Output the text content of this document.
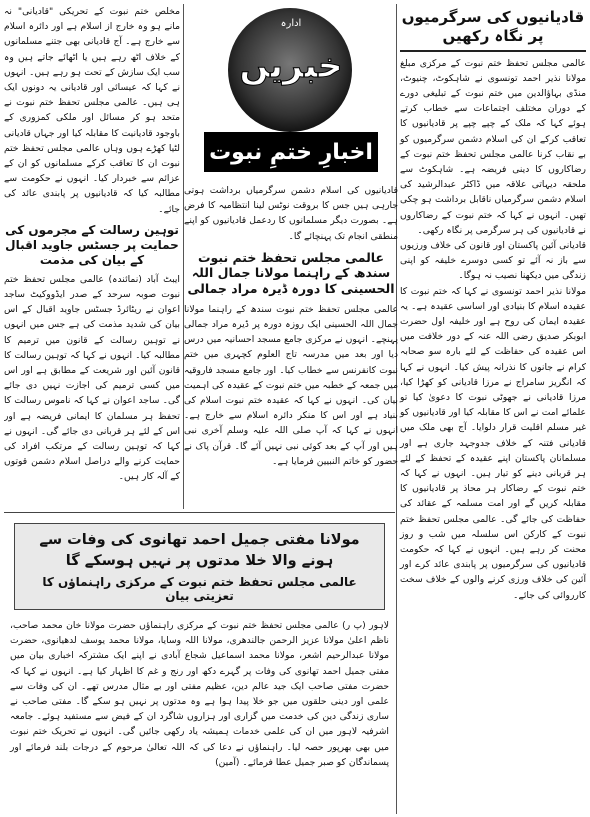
قادیانیوں کی سرگرمیوں پر نگاہ رکھیں

عالمی مجلس تحفظ ختم نبوت کے مرکزی مبلغ مولانا نذیر احمد تونسوی نے شاہکوٹ، چنیوٹ، منڈی بہاؤالدین میں ختم نبوت کے تبلیغی دورے کے دوران مختلف اجتماعات سے خطاب کرتے ہوئے کہا کہ ملک کے چپے چپے پر قادیانیوں کا تعاقب کرکے ان کی اسلام دشمن سرگرمیوں کو بے نقاب کرنا عالمی مجلس تحفظ ختم نبوت کے رضاکاروں کا دینی فریضہ ہے۔ شاہکوٹ سے ملحقہ دیہاتی علاقہ میں ڈاکٹر عبدالرشید کی اسلام دشمن سرگرمیاں ناقابل برداشت ہو چکی تھیں۔ انہوں نے کہا کہ ختم نبوت کے رضاکاروں نے قادیانیوں کی ہر سرگرمی پر نگاہ رکھی۔

قادیانی آئین پاکستان اور قانون کی خلاف ورزیوں سے باز نہ آئے تو کسی دوسرے خلیفہ کو اپنی زندگی میں دیکھنا نصیب نہ ہوگا۔

مولانا نذیر احمد تونسوی نے کہا کہ ختم نبوت کا عقیدہ اسلام کا بنیادی اور اساسی عقیدہ ہے۔ یہ عقیدہ ایمان کی روح ہے اور خلیفہ اول حضرت ابوبکر صدیق رضی اللہ عنہ کے دور خلافت میں اس عقیدہ کی حفاظت کے لئے بارہ سو صحابہ کرام نے جانوں کا نذرانہ پیش کیا۔ انہوں نے کہا کہ انگریز سامراج نے مرزا قادیانی کو کھڑا کیا، مرزا قادیانی نے جھوٹی نبوت کا دعویٰ کیا تو علمائے امت نے اس کا مقابلہ کیا اور قادیانیوں کو غیر مسلم اقلیت قرار دلوایا۔ آج بھی ملک میں قادیانی فتنہ کے خلاف جدوجہد جاری ہے اور مسلمانان پاکستان اپنے عقیدہ کے تحفظ کے لئے ہر قربانی دینے کو تیار ہیں۔ انہوں نے کہا کہ ختم نبوت کے رضاکار ہر محاذ پر قادیانیوں کا مقابلہ کریں گے اور امت مسلمہ کے عقائد کی حفاظت کی جائے گی۔ عالمی مجلس تحفظ ختم نبوت کے کارکن اس سلسلہ میں شب و روز محنت کر رہے ہیں۔ انہوں نے کہا کہ حکومت قادیانیوں کی سرگرمیوں پر پابندی عائد کرے اور آئین کی خلاف ورزی کرنے والوں کے خلاف سخت کارروائی کی جائے۔

ادارہ
خبریں
اخبارِ ختمِ نبوت

قادیانیوں کی اسلام دشمن سرگرمیاں برداشت ہوتی جارہی ہیں جس کا بروقت نوٹس لینا انتظامیہ کا فرض ہے۔ بصورت دیگر مسلمانوں کا ردعمل قادیانیوں کو اپنے منطقی انجام تک پہنچائے گا۔

عالمی مجلس تحفظ ختم نبوت سندھ کے راہنما مولانا جمال اللہ الحسینی کا دورہ ڈیرہ مراد جمالی

عالمی مجلس تحفظ ختم نبوت سندھ کے راہنما مولانا جمال اللہ الحسینی ایک روزہ دورہ پر ڈیرہ مراد جمالی پہنچے۔ انہوں نے مرکزی جامع مسجد احسانیہ میں درس دیا اور بعد میں مدرسہ تاج العلوم کچہری میں ختم نبوت کانفرنس سے خطاب کیا۔ اور جامع مسجد فاروقیہ میں جمعہ کے خطبہ میں ختم نبوت کے عقیدہ کی اہمیت بیان کی۔ انہوں نے کہا کہ عقیدہ ختم نبوت اسلام کی بنیاد ہے اور اس کا منکر دائرہ اسلام سے خارج ہے۔ انہوں نے کہا کہ آپ صلی اللہ علیہ وسلم آخری نبی ہیں اور آپ کے بعد کوئی نبی نہیں آئے گا۔ قرآن پاک نے حضور کو خاتم النبیین فرمایا ہے۔

مخلص ختم نبوت کے تحریکی "قادیانی" نہ مانے ہو وہ خارج از اسلام ہے اور دائرہ اسلام سے خارج ہے۔ آج قادیانی بھی جتنے مسلمانوں کے خلاف اٹھ رہے ہیں یا اٹھائے جاتے ہیں وہ سب ایک سازش کے تحت ہو رہے ہیں۔ انہوں نے کہا کہ عیسائی اور قادیانی یہ دونوں ایک ہی ہیں۔ عالمی مجلس تحفظ ختم نبوت نے متحد ہو کر مسائل اور ملکی کمزوری کے باوجود قادیانیت کا مقابلہ کیا اور جہاں قادیانی لٹیا کھڑے ہوں وہاں عالمی مجلس تحفظ ختم نبوت ان کا تعاقب کرکے مسلمانوں کو ان کے عزائم سے خبردار کیا۔ انہوں نے حکومت سے مطالبہ کیا کہ قادیانیوں پر پابندی عائد کی جائے۔

توہین رسالت کے مجرموں کی حمایت پر جسٹس جاوید اقبال کے بیان کی مذمت

ایبٹ آباد (نمائندہ) عالمی مجلس تحفظ ختم نبوت صوبہ سرحد کے صدر ایڈووکیٹ ساجد اعوان نے ریٹائرڈ جسٹس جاوید اقبال کے اس بیان کی شدید مذمت کی ہے جس میں انہوں نے توہین رسالت کے قانون میں ترمیم کا مطالبہ کیا۔ انہوں نے کہا کہ توہین رسالت کا قانون آئین اور شریعت کے مطابق ہے اور اس میں کسی ترمیم کی اجازت نہیں دی جائے گی۔ ساجد اعوان نے کہا کہ ناموس رسالت کا تحفظ ہر مسلمان کا ایمانی فریضہ ہے اور اس کے لئے ہر قربانی دی جائے گی۔ انہوں نے کہا کہ توہین رسالت کے مرتکب افراد کی حمایت کرنے والے دراصل اسلام دشمن قوتوں کے آلہ کار ہیں۔

مولانا مفتی جمیل احمد تھانوی کی وفات سے ہونے والا خلا مدتوں پر نہیں ہوسکے گا
عالمی مجلس تحفظ ختم نبوت کے مرکزی راہنماؤں کا تعزیتی بیان

لاہور (پ ر) عالمی مجلس تحفظ ختم نبوت کے مرکزی راہنماؤں حضرت مولانا خان محمد صاحب، ناظم اعلیٰ مولانا عزیز الرحمن جالندھری، مولانا اللہ وسایا، مولانا محمد یوسف لدھیانوی، حضرت مولانا عبدالرحیم اشعر، مولانا محمد اسماعیل شجاع آبادی نے اپنے ایک مشترکہ اخباری بیان میں مفتی جمیل احمد تھانوی کی وفات پر گہرے دکھ اور رنج و غم کا اظہار کیا ہے۔ انہوں نے کہا کہ حضرت مفتی صاحب ایک جید عالم دین، عظیم مفتی اور بے مثال مدرس تھے۔ ان کی وفات سے علمی اور دینی حلقوں میں جو خلا پیدا ہوا ہے وہ مدتوں پر نہیں ہو سکے گا۔ مفتی صاحب نے ساری زندگی دین کی خدمت میں گزاری اور ہزاروں شاگرد ان کے فیض سے مستفید ہوئے۔ جامعہ اشرفیہ لاہور میں ان کی علمی خدمات ہمیشہ یاد رکھی جائیں گی۔ انہوں نے تحریک ختم نبوت میں بھی بھرپور حصہ لیا۔ راہنماؤں نے دعا کی کہ اللہ تعالیٰ مرحوم کے درجات بلند فرمائے اور پسماندگان کو صبر جمیل عطا فرمائے۔ (آمین)
